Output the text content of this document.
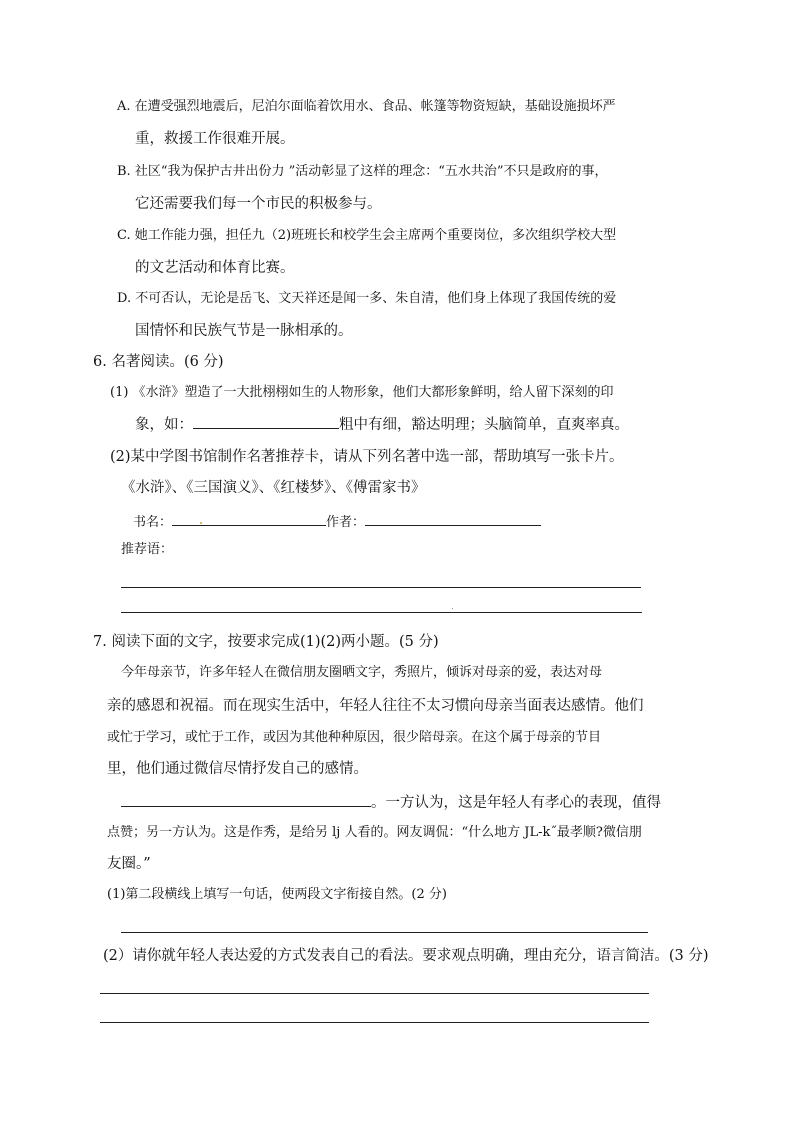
A. 在遭受强烈地震后，尼泊尔面临着饮用水、食品、帐篷等物资短缺，基础设施损坏严
重，救援工作很难开展。
B. 社区“我为保护古井出份力 ”活动彰显了这样的理念：“五水共治”不只是政府的事，
它还需要我们每一个市民的积极参与。
C. 她工作能力强，担任九（2)班班长和校学生会主席两个重要岗位，多次组织学校大型
的文艺活动和体育比赛。
D. 不可否认，无论是岳飞、文天祥还是闻一多、朱自清，他们身上体现了我国传统的爱
国情怀和民族气节是一脉相承的。
6. 名著阅读。(6 分)
(1) 《水浒》塑造了一大批栩栩如生的人物形象，他们大都形象鲜明，给人留下深刻的印
象，如：	粗中有细，豁达明理；头脑简单，直爽率真。
(2)某中学图书馆制作名著推荐卡，请从下列名著中选一部，帮助填写一张卡片。
《水浒》、《三国演义》、《红楼梦》、《傅雷家书》
书名：	作者：
推荐语：
7. 阅读下面的文字，按要求完成(1)(2)两小题。(5 分)
今年母亲节，许多年轻人在微信朋友圈晒文字，秀照片，倾诉对母亲的爱，表达对母
亲的感恩和祝福。而在现实生活中，年轻人往往不太习惯向母亲当面表达感情。他们
或忙于学习，或忙于工作，或因为其他种种原因，很少陪母亲。在这个属于母亲的节目
里，他们通过微信尽情抒发自己的感情。
。一方认为，这是年轻人有孝心的表现，值得
点赞；另一方认为。这是作秀，是给另 lj 人看的。网友调侃：“什么地方 JL-k˝最孝顺?微信朋
友圈。”
(1)第二段横线上填写一句话，使两段文字衔接自然。(2 分)
(2）请你就年轻人表达爱的方式发表自己的看法。要求观点明确，理由充分，语言简洁。(3 分)
